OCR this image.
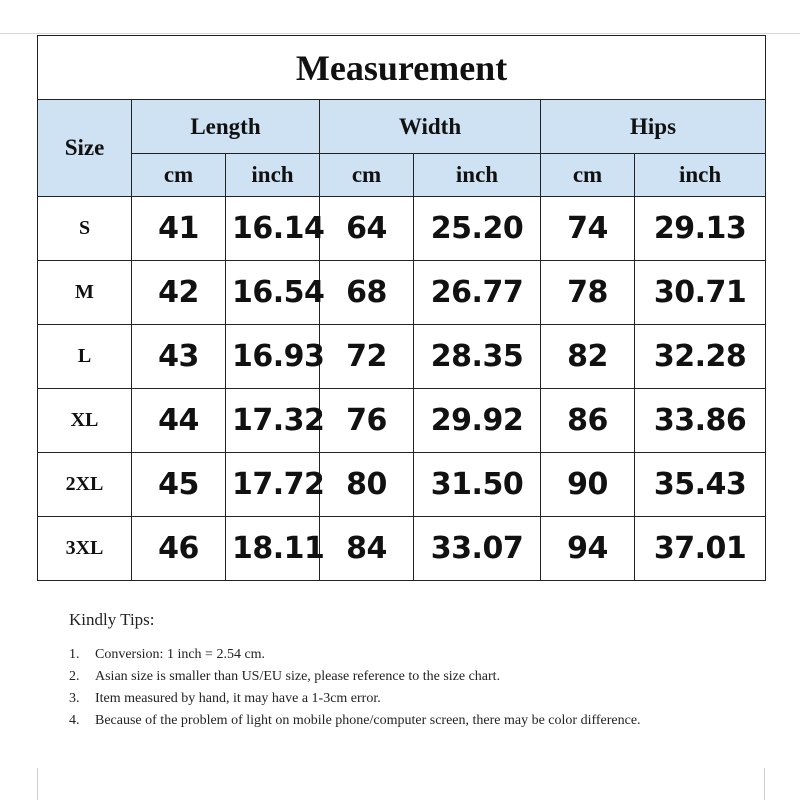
Measurement						
Size	Length		Width		Hips	
	cm	inch	cm	inch	cm	inch
S	41	16.14	64	25.20	74	29.13
M	42	16.54	68	26.77	78	30.71
L	43	16.93	72	28.35	82	32.28
XL	44	17.32	76	29.92	86	33.86
2XL	45	17.72	80	31.50	90	35.43
3XL	46	18.11	84	33.07	94	37.01

Kindly Tips:

1.	Conversion: 1 inch = 2.54 cm.
2.	Asian size is smaller than US/EU size, please reference to the size chart.
3.	Item measured by hand, it may have a 1-3cm error.
4.	Because of the problem of light on mobile phone/computer screen, there may be color difference.
